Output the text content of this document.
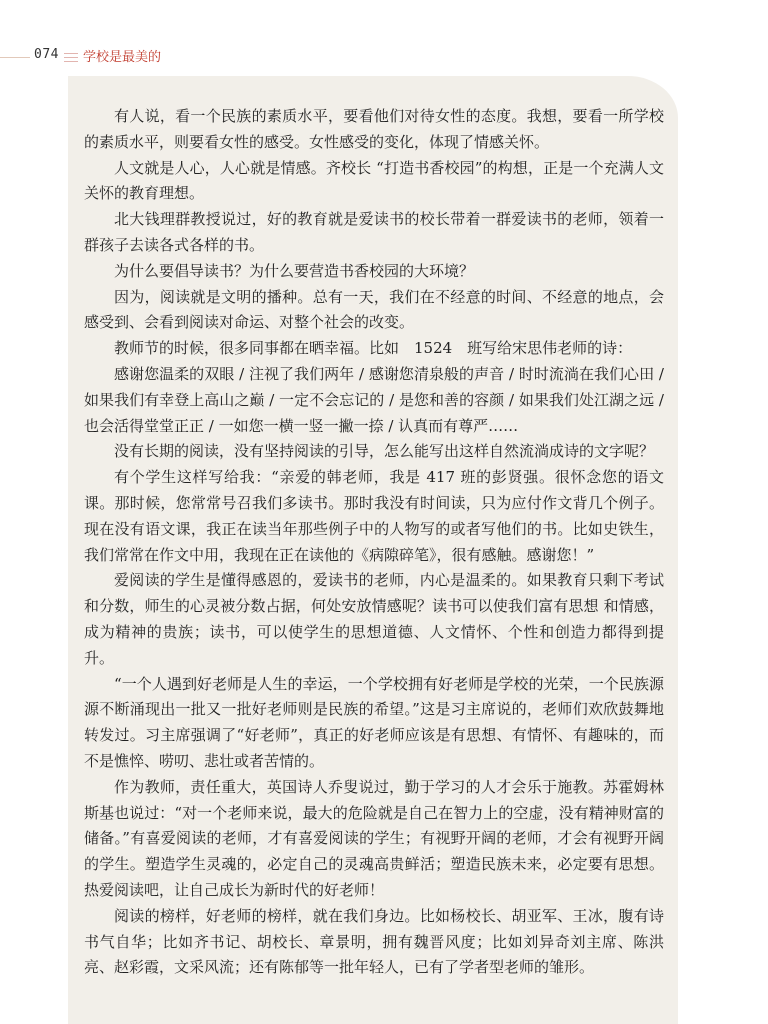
074 学校是最美的

有人说，看一个民族的素质水平，要看他们对待女性的态度。我想，要看一所学校的素质水平，则要看女性的感受。女性感受的变化，体现了情感关怀。

人文就是人心，人心就是情感。齐校长 “打造书香校园”的构想，正是一个充满人文关怀的教育理想。

北大钱理群教授说过，好的教育就是爱读书的校长带着一群爱读书的老师，领着一群孩子去读各式各样的书。

为什么要倡导读书？为什么要营造书香校园的大环境？

因为，阅读就是文明的播种。总有一天，我们在不经意的时间、不经意的地点，会感受到、会看到阅读对命运、对整个社会的改变。

教师节的时候，很多同事都在晒幸福。比如　1524　班写给宋思伟老师的诗：

感谢您温柔的双眼 / 注视了我们两年 / 感谢您清泉般的声音 / 时时流淌在我们心田 / 如果我们有幸登上高山之巅 / 一定不会忘记的 / 是您和善的容颜 / 如果我们处江湖之远 / 也会活得堂堂正正 / 一如您一横一竖一撇一捺 / 认真而有尊严……

没有长期的阅读，没有坚持阅读的引导，怎么能写出这样自然流淌成诗的文字呢？

有个学生这样写给我：“亲爱的韩老师，我是 417 班的彭贤强。很怀念您的语文课。那时候，您常常号召我们多读书。那时我没有时间读，只为应付作文背几个例子。现在没有语文课，我正在读当年那些例子中的人物写的或者写他们的书。比如史铁生，我们常常在作文中用，我现在正在读他的《病隙碎笔》，很有感触。感谢您！”

爱阅读的学生是懂得感恩的，爱读书的老师，内心是温柔的。如果教育只剩下考试和分数，师生的心灵被分数占据，何处安放情感呢？读书可以使我们富有思想 和情感，成为精神的贵族；读书，可以使学生的思想道德、人文情怀、个性和创造力都得到提升。

“一个人遇到好老师是人生的幸运，一个学校拥有好老师是学校的光荣，一个民族源源不断涌现出一批又一批好老师则是民族的希望。”这是习主席说的，老师们欢欣鼓舞地转发过。习主席强调了“好老师”，真正的好老师应该是有思想、有情怀、有趣味的，而不是憔悴、唠叨、悲壮或者苦情的。

作为教师，责任重大，英国诗人乔叟说过，勤于学习的人才会乐于施教。苏霍姆林斯基也说过：“对一个老师来说，最大的危险就是自己在智力上的空虚，没有精神财富的储备。”有喜爱阅读的老师，才有喜爱阅读的学生；有视野开阔的老师，才会有视野开阔的学生。塑造学生灵魂的，必定自己的灵魂高贵鲜活；塑造民族未来，必定要有思想。热爱阅读吧，让自己成长为新时代的好老师！

阅读的榜样，好老师的榜样，就在我们身边。比如杨校长、胡亚军、王冰，腹有诗书气自华；比如齐书记、胡校长、章景明，拥有魏晋风度；比如刘异奇刘主席、陈洪亮、赵彩霞，文采风流；还有陈郁等一批年轻人，已有了学者型老师的雏形。
